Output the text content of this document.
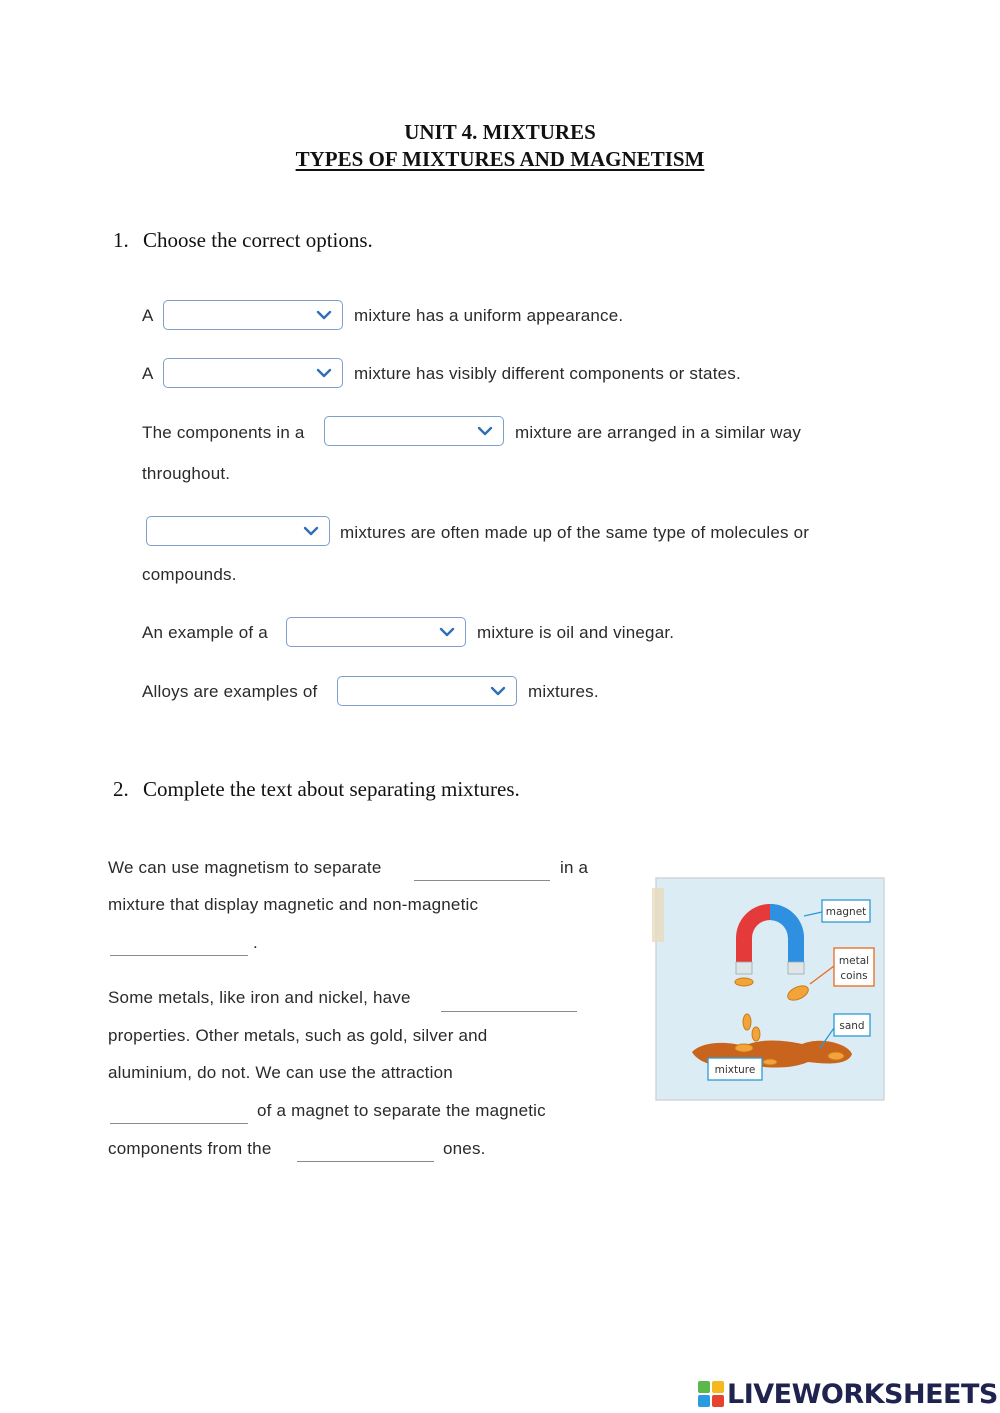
UNIT 4. MIXTURES
TYPES OF MIXTURES AND MAGNETISM
1. Choose the correct options.
A	mixture has a uniform appearance.
A	mixture has visibly different components or states.
The components in a	mixture are arranged in a similar way
throughout.
mixtures are often made up of the same type of molecules or
compounds.
An example of a	mixture is oil and vinegar.
Alloys are examples of	mixtures.
2. Complete the text about separating mixtures.
We can use magnetism to separate	in a
mixture that display magnetic and non-magnetic
.
Some metals, like iron and nickel, have
properties. Other metals, such as gold, silver and
aluminium, do not. We can use the attraction
of a magnet to separate the magnetic
components from the	ones.
magnet
metal
coins
sand
mixture
LIVEWORKSHEETS
